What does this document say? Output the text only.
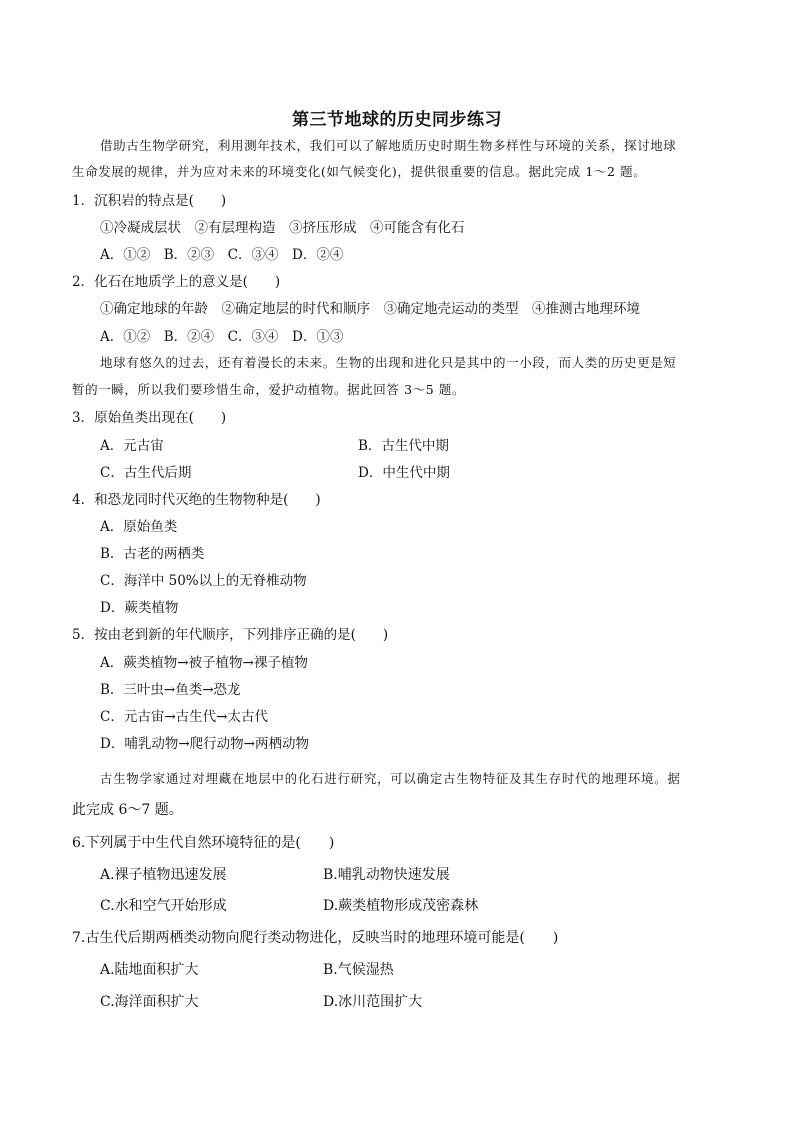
第三节地球的历史同步练习
借助古生物学研究，利用测年技术，我们可以了解地质历史时期生物多样性与环境的关系，探讨地球
生命发展的规律，并为应对未来的环境变化(如气候变化)，提供很重要的信息。据此完成 1～2 题。
1．沉积岩的特点是(　　)
①冷凝成层状　②有层理构造　③挤压形成　④可能含有化石
A．①②　B．②③　C．③④　D．②④
2．化石在地质学上的意义是(　　)
①确定地球的年龄　②确定地层的时代和顺序　③确定地壳运动的类型　④推测古地理环境
A．①②　B．②④　C．③④　D．①③
地球有悠久的过去，还有着漫长的未来。生物的出现和进化只是其中的一小段，而人类的历史更是短
暂的一瞬，所以我们要珍惜生命，爱护动植物。据此回答 3～5 题。
3．原始鱼类出现在(　　)
A．元古宙	B．古生代中期
C．古生代后期	D．中生代中期
4．和恐龙同时代灭绝的生物物种是(　　)
A．原始鱼类
B．古老的两栖类
C．海洋中 50%以上的无脊椎动物
D．蕨类植物
5．按由老到新的年代顺序，下列排序正确的是(　　)
A．蕨类植物→被子植物→裸子植物
B．三叶虫→鱼类→恐龙
C．元古宙→古生代→太古代
D．哺乳动物→爬行动物→两栖动物
古生物学家通过对埋藏在地层中的化石进行研究，可以确定古生物特征及其生存时代的地理环境。据
此完成 6～7 题。
6.下列属于中生代自然环境特征的是(　　)
A.裸子植物迅速发展	B.哺乳动物快速发展
C.水和空气开始形成	D.蕨类植物形成茂密森林
7.古生代后期两栖类动物向爬行类动物进化，反映当时的地理环境可能是(　　)
A.陆地面积扩大	B.气候湿热
C.海洋面积扩大	D.冰川范围扩大
